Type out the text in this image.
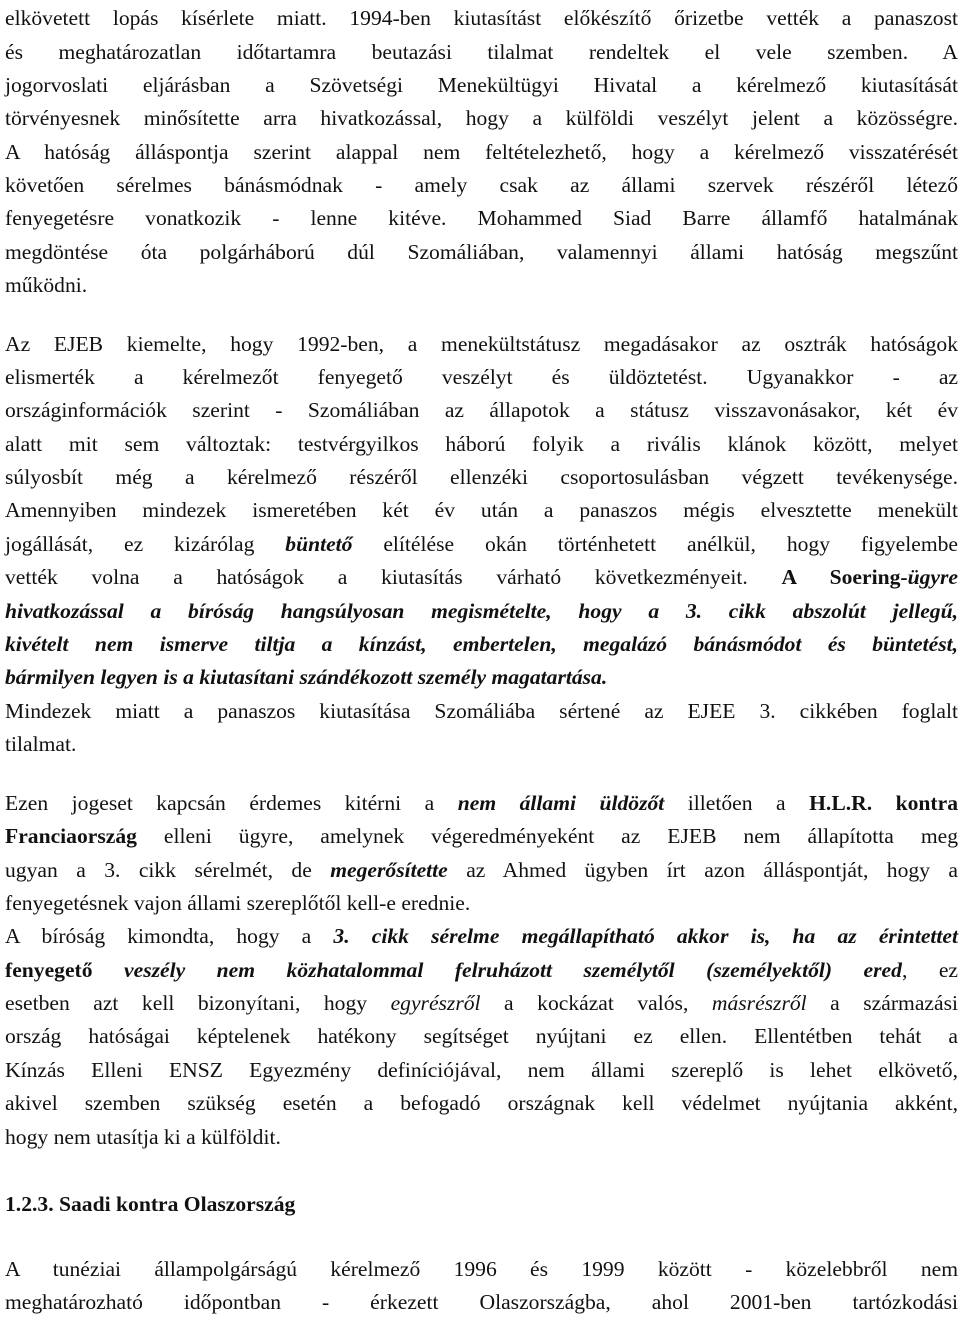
elkövetett lopás kísérlete miatt. 1994-ben kiutasítást előkészítő őrizetbe vették a panaszost
és meghatározatlan időtartamra beutazási tilalmat rendeltek el vele szemben. A
jogorvoslati eljárásban a Szövetségi Menekültügyi Hivatal a kérelmező kiutasítását
törvényesnek minősítette arra hivatkozással, hogy a külföldi veszélyt jelent a közösségre.
A hatóság álláspontja szerint alappal nem feltételezhető, hogy a kérelmező visszatérését
követően sérelmes bánásmódnak - amely csak az állami szervek részéről létező
fenyegetésre vonatkozik - lenne kitéve. Mohammed Siad Barre államfő hatalmának
megdöntése óta polgárháború dúl Szomáliában, valamennyi állami hatóság megszűnt
működni.
Az EJEB kiemelte, hogy 1992-ben, a menekültstátusz megadásakor az osztrák hatóságok
elismerték a kérelmezőt fenyegető veszélyt és üldöztetést. Ugyanakkor - az
országinformációk szerint - Szomáliában az állapotok a státusz visszavonásakor, két év
alatt mit sem változtak: testvérgyilkos háború folyik a rivális klánok között, melyet
súlyosbít még a kérelmező részéről ellenzéki csoportosulásban végzett tevékenysége.
Amennyiben mindezek ismeretében két év után a panaszos mégis elvesztette menekült
jogállását, ez kizárólag büntető elítélése okán történhetett anélkül, hogy figyelembe
vették volna a hatóságok a kiutasítás várható következményeit. A Soering-ügyre
hivatkozással a bíróság hangsúlyosan megismételte, hogy a 3. cikk abszolút jellegű,
kivételt nem ismerve tiltja a kínzást, embertelen, megalázó bánásmódot és büntetést,
bármilyen legyen is a kiutasítani szándékozott személy magatartása.
Mindezek miatt a panaszos kiutasítása Szomáliába sértené az EJEE 3. cikkében foglalt
tilalmat.
Ezen jogeset kapcsán érdemes kitérni a nem állami üldözőt illetően a H.L.R. kontra
Franciaország elleni ügyre, amelynek végeredményeként az EJEB nem állapította meg
ugyan a 3. cikk sérelmét, de megerősítette az Ahmed ügyben írt azon álláspontját, hogy a
fenyegetésnek vajon állami szereplőtől kell-e erednie.
A bíróság kimondta, hogy a 3. cikk sérelme megállapítható akkor is, ha az érintettet
fenyegető veszély nem közhatalommal felruházott személytől (személyektől) ered, ez
esetben azt kell bizonyítani, hogy egyrészről a kockázat valós, másrészről a származási
ország hatóságai képtelenek hatékony segítséget nyújtani ez ellen. Ellentétben tehát a
Kínzás Elleni ENSZ Egyezmény definíciójával, nem állami szereplő is lehet elkövető,
akivel szemben szükség esetén a befogadó országnak kell védelmet nyújtania akként,
hogy nem utasítja ki a külföldit.
1.2.3. Saadi kontra Olaszország
A tunéziai állampolgárságú kérelmező 1996 és 1999 között - közelebbről nem
meghatározható időpontban - érkezett Olaszországba, ahol 2001-ben tartózkodási
